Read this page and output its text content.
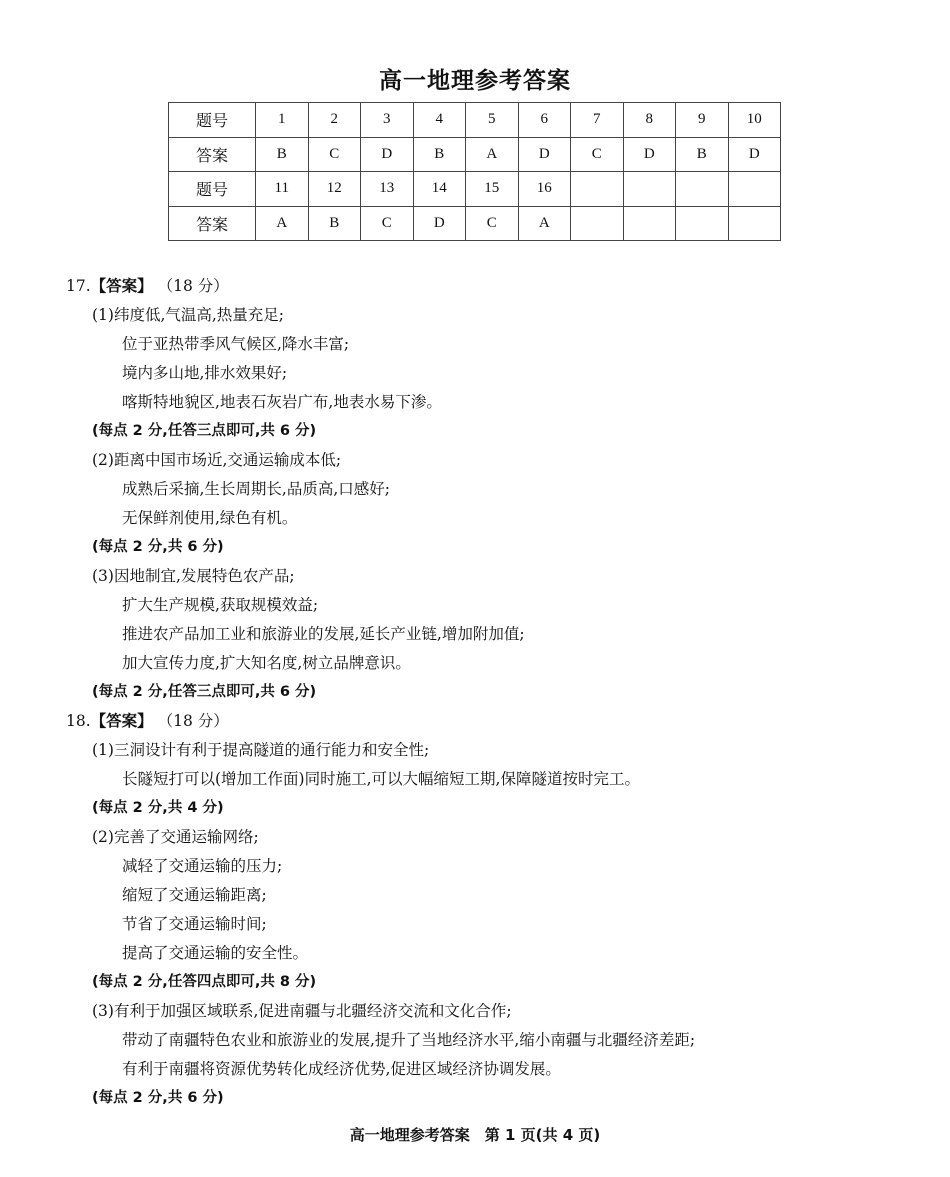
高一地理参考答案
题号	1	2	3	4	5	6	7	8	9	10
答案	B	C	D	B	A	D	C	D	B	D
题号	11	12	13	14	15	16				
答案	A	B	C	D	C	A				
17.【答案】 （18 分）
(1)纬度低,气温高,热量充足;
位于亚热带季风气候区,降水丰富;
境内多山地,排水效果好;
喀斯特地貌区,地表石灰岩广布,地表水易下渗。
(每点 2 分,任答三点即可,共 6 分)
(2)距离中国市场近,交通运输成本低;
成熟后采摘,生长周期长,品质高,口感好;
无保鲜剂使用,绿色有机。
(每点 2 分,共 6 分)
(3)因地制宜,发展特色农产品;
扩大生产规模,获取规模效益;
推进农产品加工业和旅游业的发展,延长产业链,增加附加值;
加大宣传力度,扩大知名度,树立品牌意识。
(每点 2 分,任答三点即可,共 6 分)
18.【答案】 （18 分）
(1)三洞设计有利于提高隧道的通行能力和安全性;
长隧短打可以(增加工作面)同时施工,可以大幅缩短工期,保障隧道按时完工。
(每点 2 分,共 4 分)
(2)完善了交通运输网络;
减轻了交通运输的压力;
缩短了交通运输距离;
节省了交通运输时间;
提高了交通运输的安全性。
(每点 2 分,任答四点即可,共 8 分)
(3)有利于加强区域联系,促进南疆与北疆经济交流和文化合作;
带动了南疆特色农业和旅游业的发展,提升了当地经济水平,缩小南疆与北疆经济差距;
有利于南疆将资源优势转化成经济优势,促进区域经济协调发展。
(每点 2 分,共 6 分)
高一地理参考答案　第 1 页(共 4 页)
